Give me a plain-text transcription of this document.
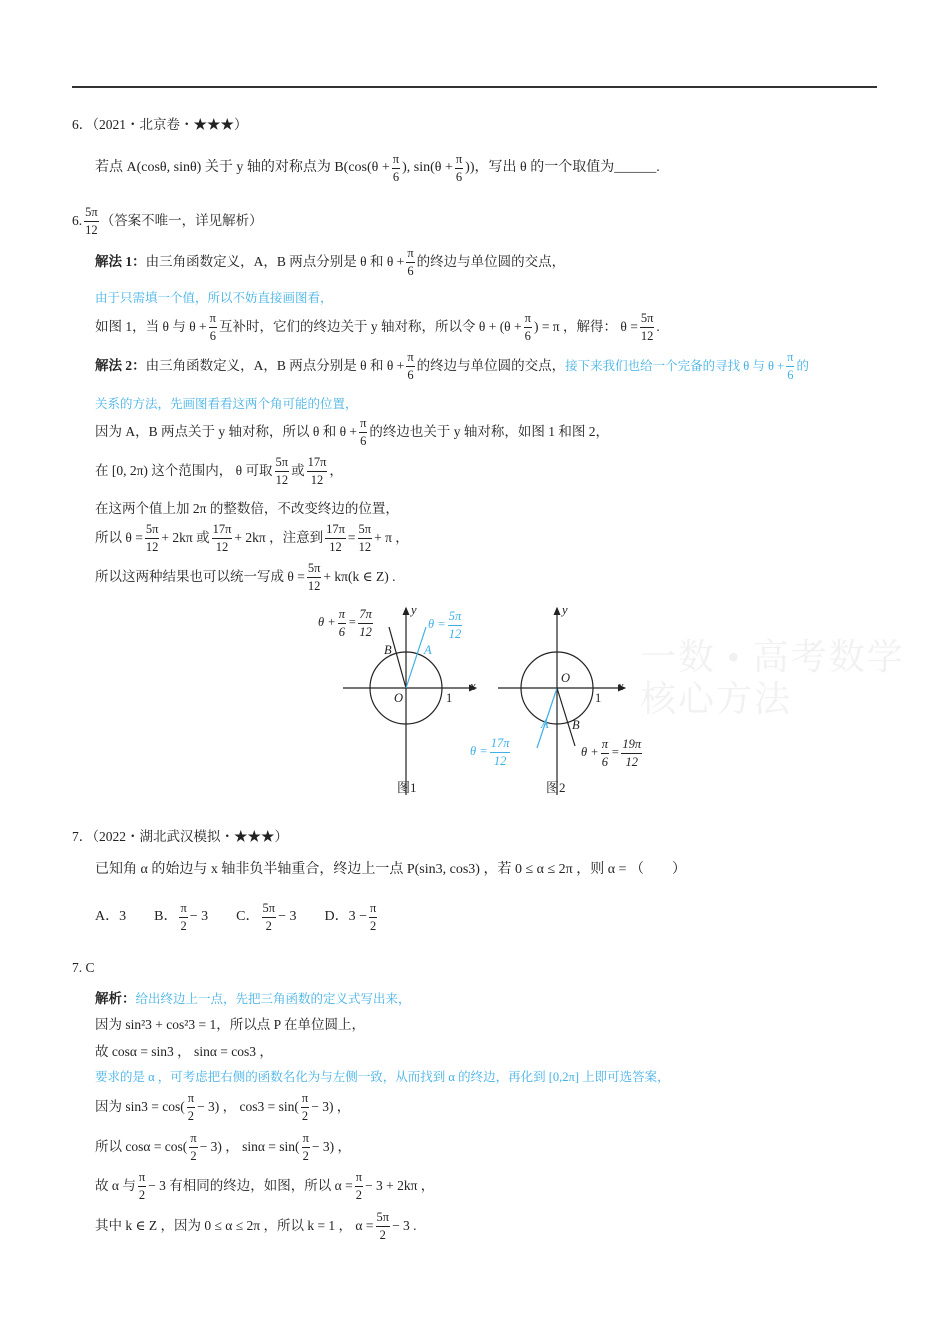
6．（2021・北京卷・★★★）
若点 A(cosθ, sinθ) 关于 y 轴的对称点为 $B(\cos(\theta + \frac{\pi}{6}$ ), $\sin(\theta + \frac{\pi}{6}$ ))，写出 θ 的一个取值为______.
6. $\frac{5\pi}{12}$ （答案不唯一，详见解析）
解法 1： 由三角函数定义，A，B 两点分别是 θ 和 $\theta + \frac{\pi}{6}$ 的终边与单位圆的交点，
由于只需填一个值，所以不妨直接画图看，
如图 1，当 θ 与 $\theta + \frac{\pi}{6}$ 互补时，它们的终边关于 y 轴对称，所以令 $\theta + (\theta + \frac{\pi}{6}$ ) = π ，解得： $\theta = \frac{5\pi}{12}$ .
解法 2： 由三角函数定义，A，B 两点分别是 θ 和 $\theta + \frac{\pi}{6}$ 的终边与单位圆的交点， 接下来我们也给一个完备的寻找 θ 与 $\theta + \frac{\pi}{6}$ 的
关系的方法，先画图看看这两个角可能的位置，
因为 A，B 两点关于 y 轴对称，所以 θ 和 $\theta + \frac{\pi}{6}$ 的终边也关于 y 轴对称，如图 1 和图 2，
在 [0, 2π) 这个范围内， θ 可取 $\frac{5\pi}{12}$ 或 $\frac{17\pi}{12}$ ，
在这两个值上加 2π 的整数倍，不改变终边的位置，
所以 $\theta = \frac{5\pi}{12} + 2k\pi$ 或 $\frac{17\pi}{12} + 2k\pi$ ，注意到 $\frac{17\pi}{12} = \frac{5\pi}{12} + \pi$ ，
所以这两种结果也可以统一写成 $\theta = \frac{5\pi}{12} + k\pi(k$ ∈ Z) .
一数 • 高考数学核心方法
$\theta + \frac{\pi}{6} = \frac{7\pi}{12}$	$\theta = \frac{5\pi}{12}$
B	A
O	1
x
y
图1
$\theta + \frac{\pi}{6} = \frac{19\pi}{12}$
$\theta = \frac{17\pi}{12}$
B
A
O
1
x
y
图2
7．（2022・湖北武汉模拟・★★★）
已知角 α 的始边与 x 轴非负半轴重合，终边上一点 P(sin3, cos3) ，若 0 ≤ α ≤ 2π ，则 α = （　　）
A．3　　B． $\frac{\pi}{2} - 3$　　C． $\frac{5\pi}{2} - 3$　　D．$3 - \frac{\pi}{2}$
7. C
解析： 给出终边上一点，先把三角函数的定义式写出来，
因为 sin²3 + cos²3 = 1，所以点 P 在单位圆上，
故 cosα = sin3 ， sinα = cos3 ，
要求的是 α ，可考虑把右侧的函数名化为与左侧一致，从而找到 α 的终边，再化到 [0,2π] 上即可选答案，
因为 $\sin 3 = \cos( \frac{\pi}{2} - 3)$ ， $\cos 3 = \sin( \frac{\pi}{2} - 3)$ ，
所以 $\cos\alpha = \cos( \frac{\pi}{2} - 3)$ ， $\sin\alpha = \sin( \frac{\pi}{2} - 3)$ ，
故 α 与 $\frac{\pi}{2} - 3$ 有相同的终边，如图，所以 $\alpha = \frac{\pi}{2} - 3 + 2k\pi$ ，
其中 k ∈ Z ，因为 0 ≤ α ≤ 2π ，所以 k = 1 ， $\alpha = \frac{5\pi}{2} - 3$ .
